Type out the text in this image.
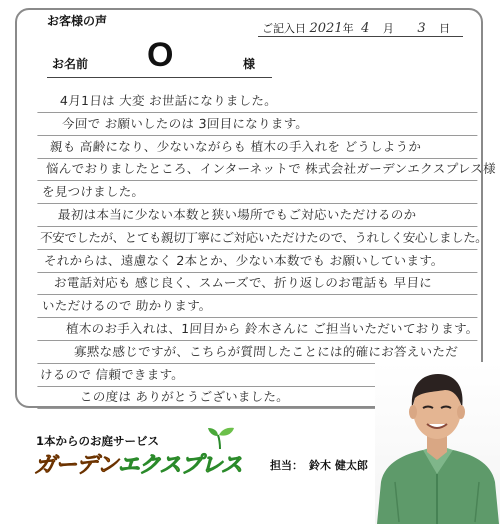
お客様の声
ご記入日 2021年 4 月 3 日
お名前 O	様
4月1日は 大変 お世話になりました。
今回で お願いしたのは 3回目になります。
親も 高齢になり、少ないながらも 植木の手入れを どうしようか
悩んでおりましたところ、インターネットで 株式会社ガーデンエクスプレス様
を見つけました。
最初は本当に少ない本数と狭い場所でもご対応いただけるのか
不安でしたが、とても親切丁寧にご対応いただけたので、うれしく安心しました。
それからは、遠慮なく 2本とか、少ない本数でも お願いしています。
お電話対応も 感じ良く、スムーズで、折り返しのお電話も 早目に
いただけるので 助かります。
植木のお手入れは、1回目から 鈴木さんに ご担当いただいております。
寡黙な感じですが、こちらが質問したことには的確にお答えいただ
けるので 信頼できます。
この度は ありがとうございました。
1本からのお庭サービス
ガーデンエクスプレス	担当： 鈴木 健太郎
